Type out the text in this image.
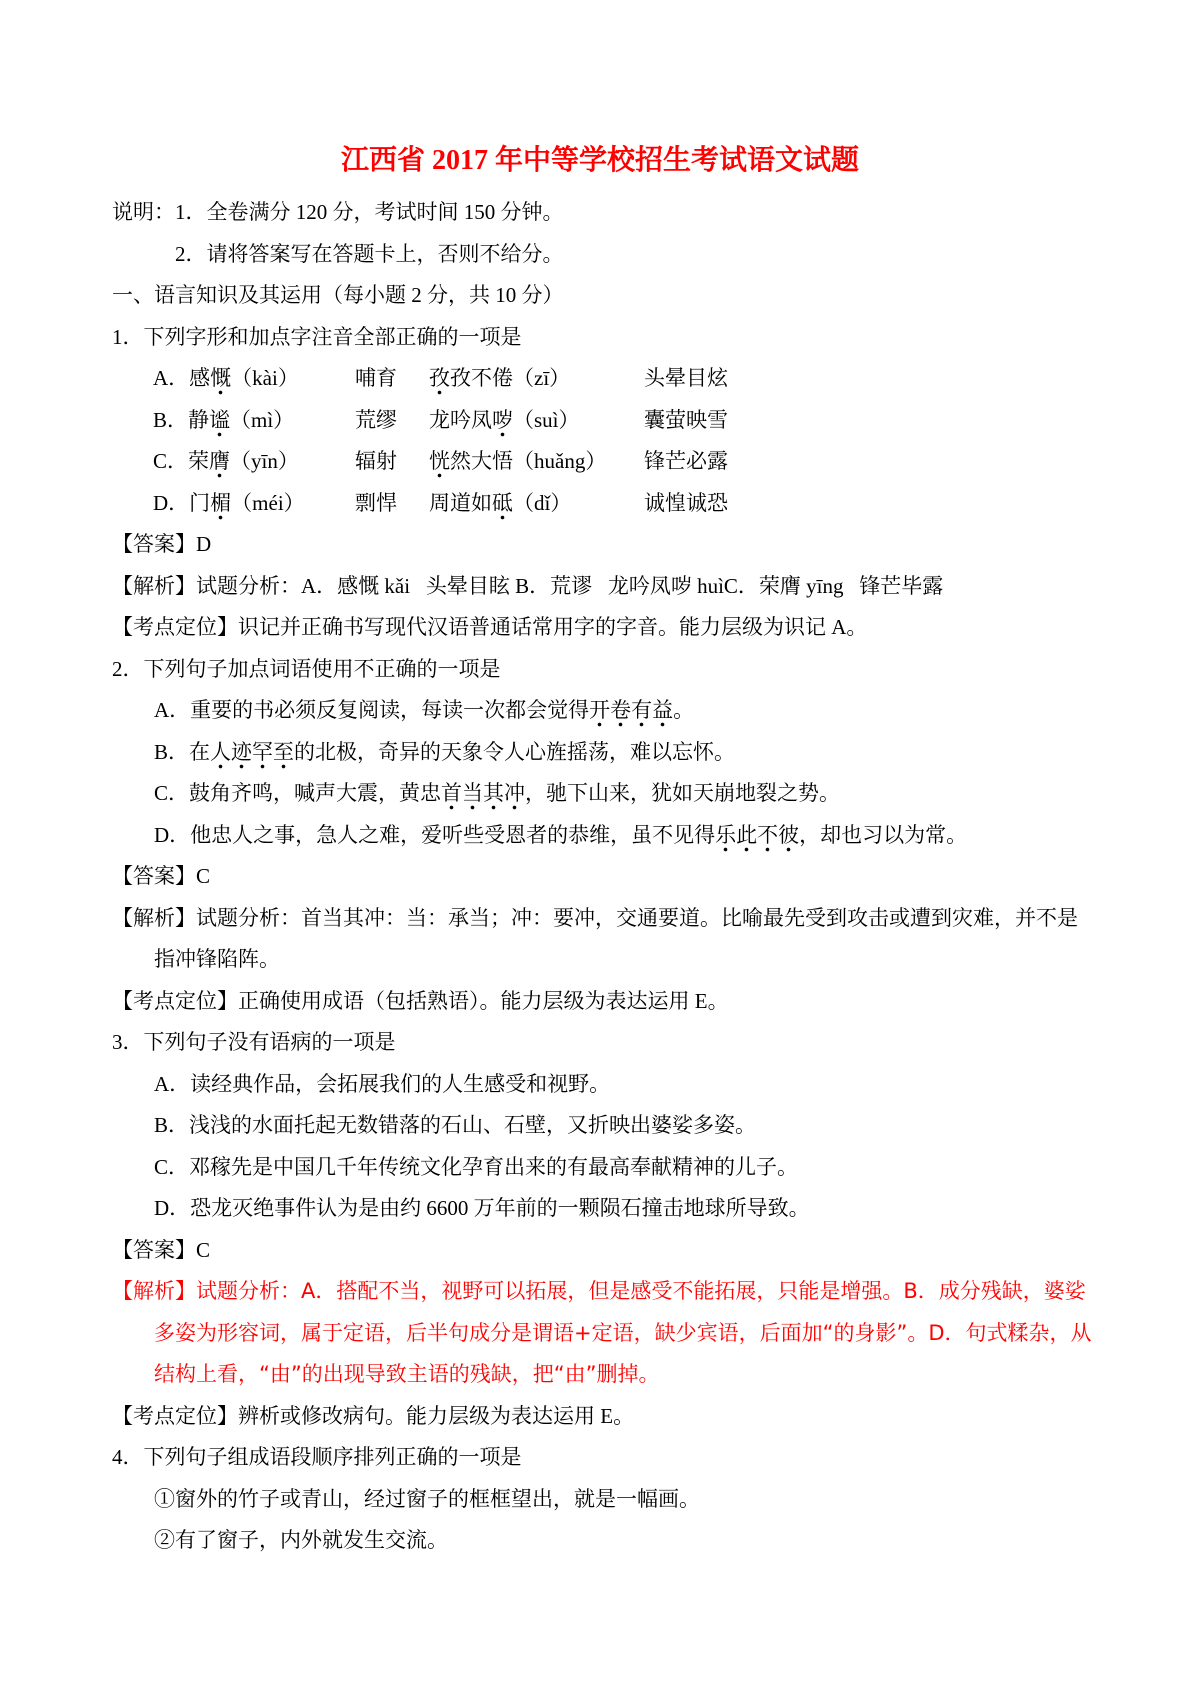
江西省 2017 年中等学校招生考试语文试题
说明：1．全卷满分 120 分，考试时间 150 分钟。
2．请将答案写在答题卡上，否则不给分。
一、语言知识及其运用（每小题 2 分，共 10 分）
1．下列字形和加点字注音全部正确的一项是
A．感慨（kài）	哺育 孜孜不倦（zī）	头晕目炫
B．静谧（mì）	荒缪 龙吟凤哕（suì）	囊萤映雪
C．荣膺（yīn）	辐射 恍然大悟（huǎng） 锋芒必露
D．门楣（méi） 剽悍 周道如砥（dǐ）	诚惶诚恐
【答案】D
【解析】试题分析：A．感慨 kǎi   头晕目眩 B．荒谬   龙吟凤哕 huìC．荣膺 yīng   锋芒毕露
【考点定位】识记并正确书写现代汉语普通话常用字的字音。能力层级为识记 A。
2．下列句子加点词语使用不正确的一项是
A．重要的书必须反复阅读，每读一次都会觉得开卷有益。
B．在人迹罕至的北极，奇异的天象令人心旌摇荡，难以忘怀。
C．鼓角齐鸣，喊声大震，黄忠首当其冲，驰下山来，犹如天崩地裂之势。
D．他忠人之事，急人之难，爱听些受恩者的恭维，虽不见得乐此不彼，却也习以为常。
【答案】C
【解析】试题分析：首当其冲：当：承当；冲：要冲，交通要道。比喻最先受到攻击或遭到灾难，并不是
指冲锋陷阵。
【考点定位】正确使用成语（包括熟语）。能力层级为表达运用 E。
3．下列句子没有语病的一项是
A．读经典作品，会拓展我们的人生感受和视野。
B．浅浅的水面托起无数错落的石山、石壁，又折映出婆娑多姿。
C．邓稼先是中国几千年传统文化孕育出来的有最高奉献精神的儿子。
D．恐龙灭绝事件认为是由约 6600 万年前的一颗陨石撞击地球所导致。
【答案】C
【解析】试题分析：A．搭配不当，视野可以拓展，但是感受不能拓展，只能是增强。B．成分残缺，婆娑
多姿为形容词，属于定语，后半句成分是谓语+定语，缺少宾语，后面加“的身影”。D．句式糅杂，从
结构上看，“由”的出现导致主语的残缺，把“由”删掉。
【考点定位】辨析或修改病句。能力层级为表达运用 E。
4．下列句子组成语段顺序排列正确的一项是
①窗外的竹子或青山，经过窗子的框框望出，就是一幅画。
②有了窗子，内外就发生交流。
